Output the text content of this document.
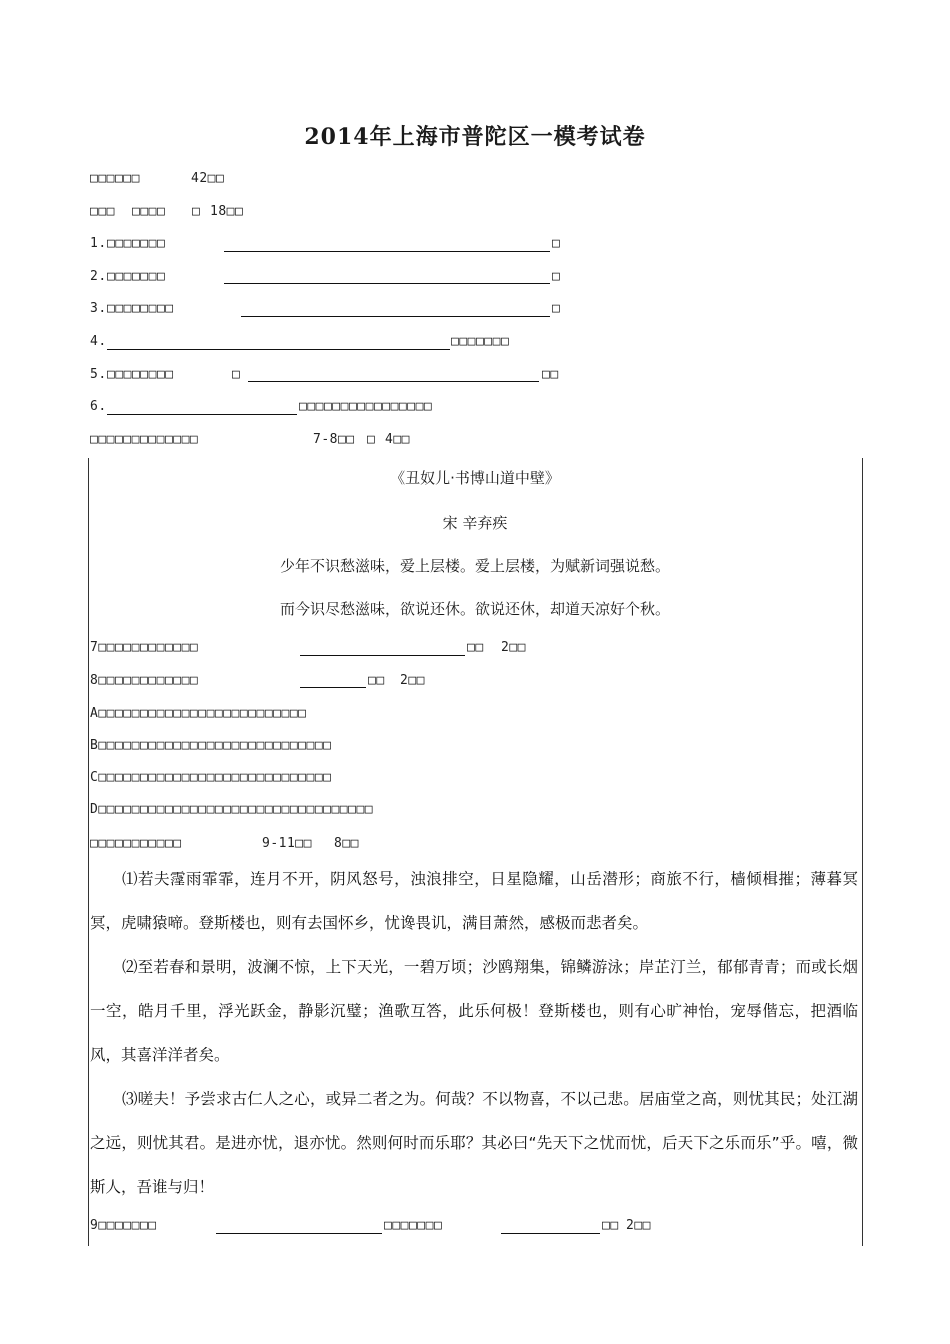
2014年上海市普陀区一模考试卷
□□□□□□	42□□
□□□ □□□□ □ 18□□
1. □□□□□□□	□
2. □□□□□□□	□
3. □□□□□□□□	□
4.	□□□□□□□
5. □□□□□□□□	□	□□
6.	□□□□□□□□□□□□□□□□
□□□□□□□□□□□□□	7-8□□ □ 4□□
《丑奴儿·书博山道中壁》
宋 辛弃疾
少年不识愁滋味，爱上层楼。爱上层楼，为赋新词强说愁。
而今识尽愁滋味，欲说还休。欲说还休，却道天凉好个秋。
7□□□□□□□□□□□□	□□ 2□□
8□□□□□□□□□□□□	□□ 2□□
A□□□□□□□□□□□□□□□□□□□□□□□□□
B□□□□□□□□□□□□□□□□□□□□□□□□□□□□
C□□□□□□□□□□□□□□□□□□□□□□□□□□□□
D□□□□□□□□□□□□□□□□□□□□□□□□□□□□□□□□□
□□□□□□□□□□□	9-11□□ 8□□

⑴若夫霪雨霏霏，连月不开，阴风怒号，浊浪排空，日星隐耀，山岳潜形；商旅不行，樯倾楫摧；薄暮冥冥，虎啸猿啼。登斯楼也，则有去国怀乡，忧谗畏讥，满目萧然，感极而悲者矣。

⑵至若春和景明，波澜不惊，上下天光，一碧万顷；沙鸥翔集，锦鳞游泳；岸芷汀兰，郁郁青青；而或长烟一空，皓月千里，浮光跃金，静影沉璧；渔歌互答，此乐何极！登斯楼也，则有心旷神怡，宠辱偕忘，把酒临风，其喜洋洋者矣。

⑶嗟夫！予尝求古仁人之心，或异二者之为。何哉？不以物喜，不以己悲。居庙堂之高，则忧其民；处江湖之远，则忧其君。是进亦忧，退亦忧。然则何时而乐耶？其必曰“先天下之忧而忧，后天下之乐而乐”乎。嘻，微斯人，吾谁与归！

9□□□□□□□	□□□□□□□	□□ 2□□
